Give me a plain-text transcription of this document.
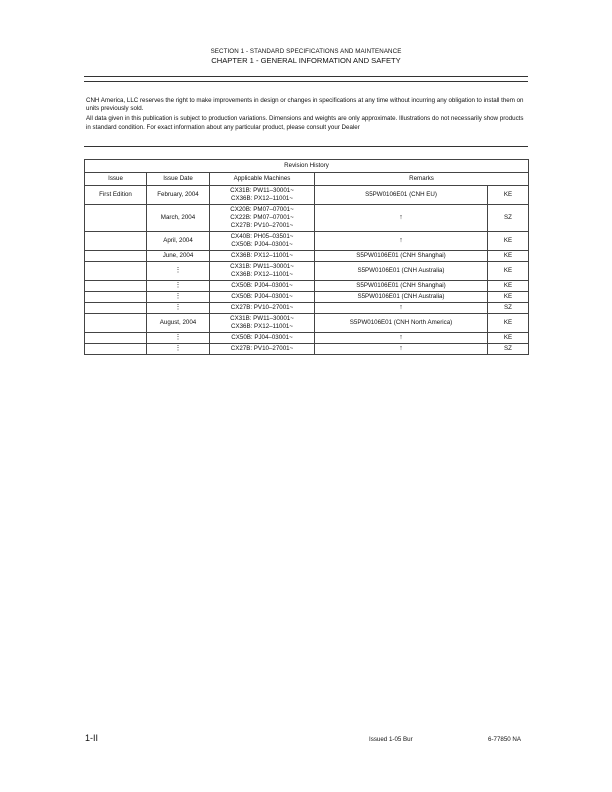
SECTION 1 - STANDARD SPECIFICATIONS AND MAINTENANCE
CHAPTER 1 - GENERAL INFORMATION AND SAFETY

CNH America, LLC reserves the right to make improvements in design or changes in specifications at any time without incurring any obligation to install them on units previously sold.

All data given in this publication is subject to production variations. Dimensions and weights are only approximate. Illustrations do not necessarily show products in standard condition. For exact information about any particular product, please consult your Dealer

Revision History				
Issue	Issue Date	Applicable Machines	Remarks	
First Edition	February, 2004	CX31B: PW11–30001~
CX36B: PX12–11001~	S5PW0106E01 (CNH EU)	KE
	March, 2004	CX20B: PM07–07001~
CX22B: PM07–07001~
CX27B: PV10–27001~	↑	SZ
	April, 2004	CX40B: PH05–03501~
CX50B: PJ04–03001~	↑	KE
	June, 2004	CX36B: PX12–11001~	S5PW0106E01 (CNH Shanghai)	KE
	⋮	CX31B: PW11–30001~
CX36B: PX12–11001~	S5PW0106E01 (CNH Australia)	KE
	⋮	CX50B: PJ04–03001~	S5PW0106E01 (CNH Shanghai)	KE
	⋮	CX50B: PJ04–03001~	S5PW0106E01 (CNH Australia)	KE
	⋮	CX27B: PV10–27001~	↑	SZ
	August, 2004	CX31B: PW11–30001~
CX36B: PX12–11001~	S5PW0106E01 (CNH North America)	KE
	⋮	CX50B: PJ04–03001~	↑	KE
	⋮	CX27B: PV10–27001~	↑	SZ
1-II	Issued 1-05 Bur	6-77850 NA
